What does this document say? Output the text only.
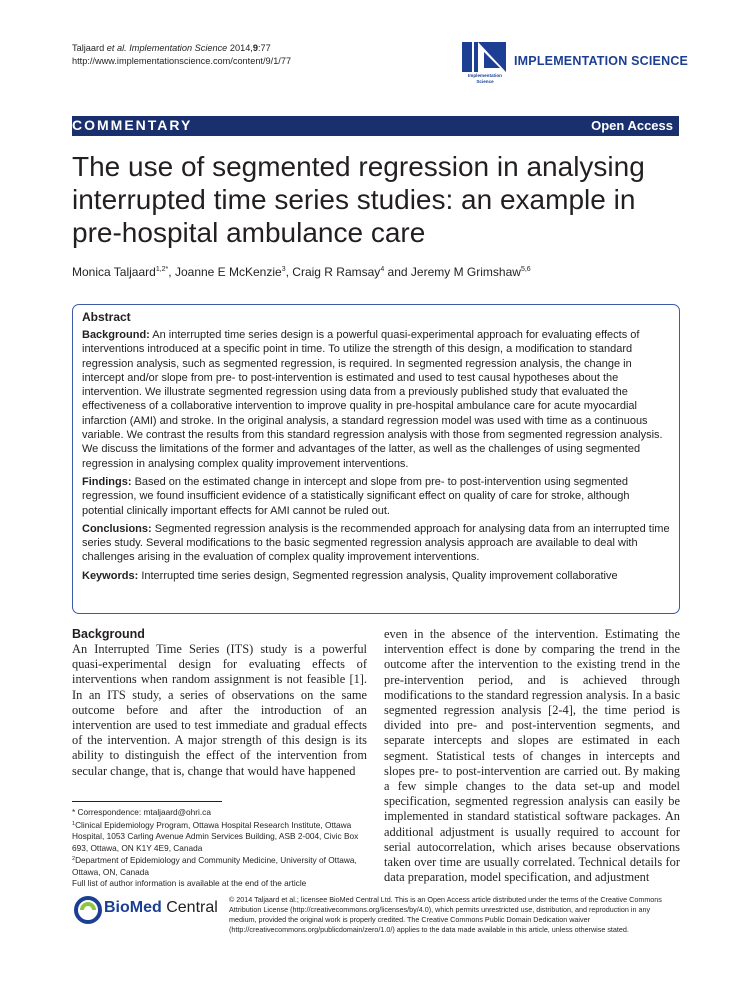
Taljaard et al. Implementation Science 2014,9:77
http://www.implementationscience.com/content/9/1/77
Implementation Science
IMPLEMENTATION SCIENCE
COMMENTARY	Open Access
The use of segmented regression in analysing interrupted time series studies: an example in pre-hospital ambulance care
Monica Taljaard$^{1,2*}$, Joanne E McKenzie$^3$, Craig R Ramsay$^4$ and Jeremy M Grimshaw$^{5,6}$
Abstract

Background: An interrupted time series design is a powerful quasi-experimental approach for evaluating effects of interventions introduced at a specific point in time. To utilize the strength of this design, a modification to standard regression analysis, such as segmented regression, is required. In segmented regression analysis, the change in intercept and/or slope from pre- to post-intervention is estimated and used to test causal hypotheses about the intervention. We illustrate segmented regression using data from a previously published study that evaluated the effectiveness of a collaborative intervention to improve quality in pre-hospital ambulance care for acute myocardial infarction (AMI) and stroke. In the original analysis, a standard regression model was used with time as a continuous variable. We contrast the results from this standard regression analysis with those from segmented regression analysis. We discuss the limitations of the former and advantages of the latter, as well as the challenges of using segmented regression in analysing complex quality improvement interventions.

Findings: Based on the estimated change in intercept and slope from pre- to post-intervention using segmented regression, we found insufficient evidence of a statistically significant effect on quality of care for stroke, although potential clinically important effects for AMI cannot be ruled out.

Conclusions: Segmented regression analysis is the recommended approach for analysing data from an interrupted time series study. Several modifications to the basic segmented regression analysis approach are available to deal with challenges arising in the evaluation of complex quality improvement interventions.

Keywords: Interrupted time series design, Segmented regression analysis, Quality improvement collaborative

Background
An Interrupted Time Series (ITS) study is a powerful quasi-experimental design for evaluating effects of interventions when random assignment is not feasible [1]. In an ITS study, a series of observations on the same outcome before and after the introduction of an intervention are used to test immediate and gradual effects of the intervention. A major strength of this design is its ability to distinguish the effect of the intervention from secular change, that is, change that would have happened
even in the absence of the intervention. Estimating the intervention effect is done by comparing the trend in the outcome after the intervention to the existing trend in the pre-intervention period, and is achieved through modifications to the standard regression analysis. In a basic segmented regression analysis [2-4], the time period is divided into pre- and post-intervention segments, and separate intercepts and slopes are estimated in each segment. Statistical tests of changes in intercepts and slopes pre- to post-intervention are carried out. By making a few simple changes to the data set-up and model specification, segmented regression analysis can easily be implemented in standard statistical software packages. An additional adjustment is usually required to account for serial autocorrelation, which arises because observations taken over time are usually correlated. Technical details for data preparation, model specification, and adjustment
* Correspondence: mtaljaard@ohri.ca
$^1$Clinical Epidemiology Program, Ottawa Hospital Research Institute, Ottawa Hospital, 1053 Carling Avenue Admin Services Building, ASB 2-004, Civic Box 693, Ottawa, ON K1Y 4E9, Canada
$^2$Department of Epidemiology and Community Medicine, University of Ottawa, Ottawa, ON, Canada
Full list of author information is available at the end of the article
BioMed Central © 2014 Taljaard et al.; licensee BioMed Central Ltd. This is an Open Access article distributed under the terms of the Creative Commons Attribution License (http://creativecommons.org/licenses/by/4.0), which permits unrestricted use, distribution, and reproduction in any medium, provided the original work is properly credited. The Creative Commons Public Domain Dedication waiver (http://creativecommons.org/publicdomain/zero/1.0/) applies to the data made available in this article, unless otherwise stated.
